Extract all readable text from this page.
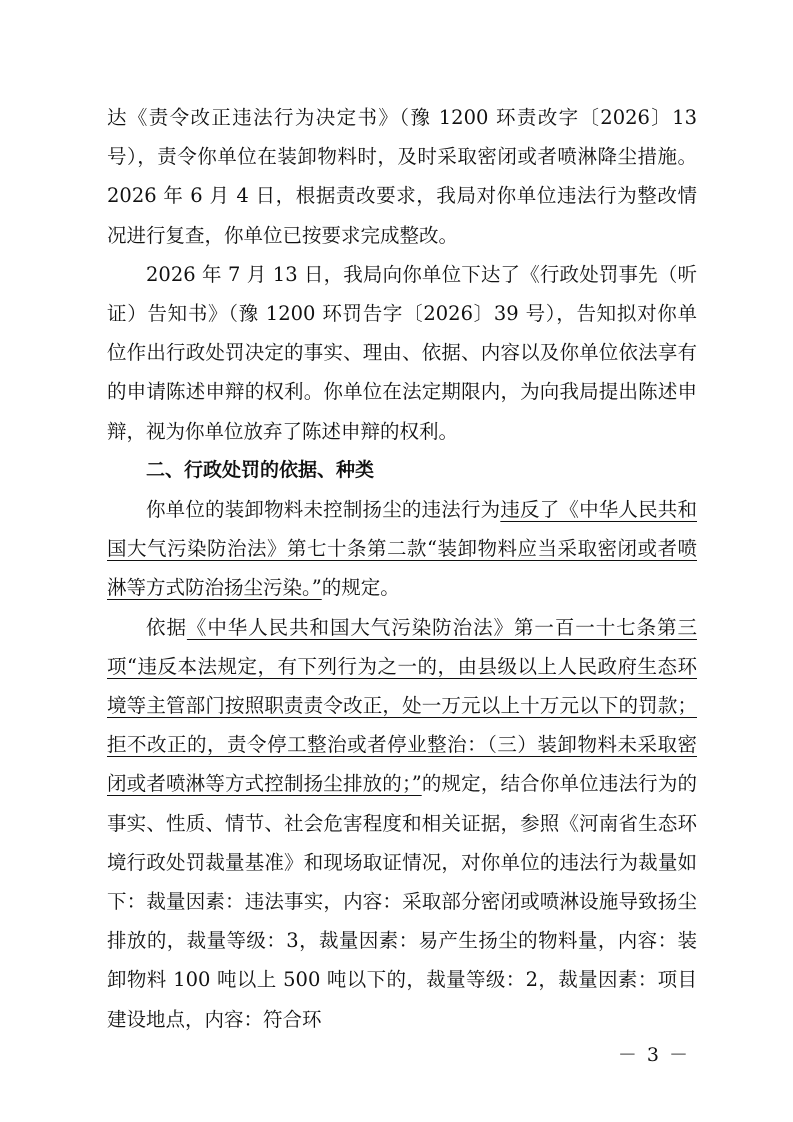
达《责令改正违法行为决定书》（豫 1200 环责改字〔2026〕13 号），责令你单位在装卸物料时，及时采取密闭或者喷淋降尘措施。2026 年 6 月 4 日，根据责改要求，我局对你单位违法行为整改情况进行复查，你单位已按要求完成整改。

2026 年 7 月 13 日，我局向你单位下达了《行政处罚事先（听证）告知书》（豫 1200 环罚告字〔2026〕39 号），告知拟对你单位作出行政处罚决定的事实、理由、依据、内容以及你单位依法享有的申请陈述申辩的权利。你单位在法定期限内，为向我局提出陈述申辩，视为你单位放弃了陈述申辩的权利。

二、行政处罚的依据、种类

你单位的装卸物料未控制扬尘的违法行为违反了《中华人民共和国大气污染防治法》第七十条第二款“装卸物料应当采取密闭或者喷淋等方式防治扬尘污染。”的规定。

依据《中华人民共和国大气污染防治法》第一百一十七条第三项“违反本法规定，有下列行为之一的，由县级以上人民政府生态环境等主管部门按照职责责令改正，处一万元以上十万元以下的罚款；拒不改正的，责令停工整治或者停业整治：（三）装卸物料未采取密闭或者喷淋等方式控制扬尘排放的；”的规定，结合你单位违法行为的事实、性质、情节、社会危害程度和相关证据，参照《河南省生态环境行政处罚裁量基准》和现场取证情况，对你单位的违法行为裁量如下：裁量因素：违法事实，内容：采取部分密闭或喷淋设施导致扬尘排放的，裁量等级：3，裁量因素：易产生扬尘的物料量，内容：装卸物料 100 吨以上 500 吨以下的，裁量等级：2，裁量因素：项目建设地点，内容：符合环

－ 3 －
